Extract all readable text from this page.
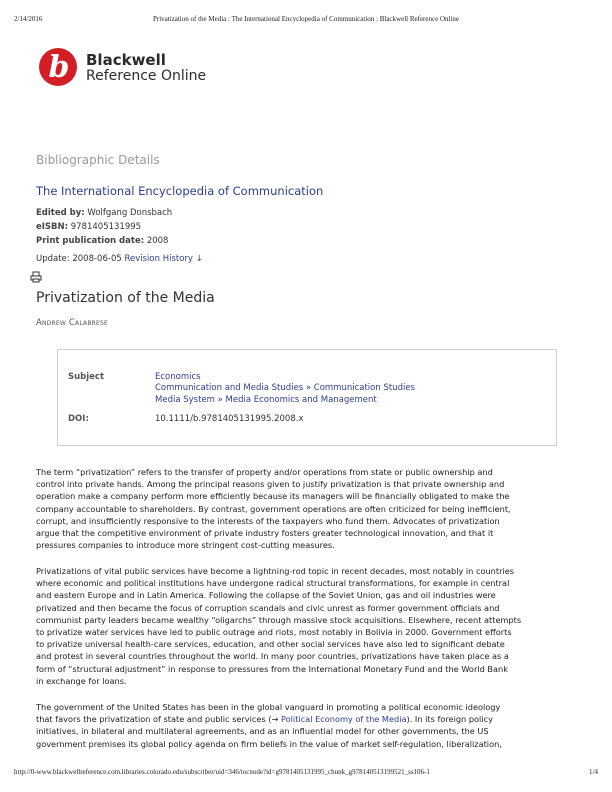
2/14/2016	Privatization of the Media : The International Encyclopedia of Communication : Blackwell Reference Online
b Blackwell
Reference Online
Bibliographic Details
The International Encyclopedia of Communication
Edited by: Wolfgang Donsbach
eISBN: 9781405131995
Print publication date: 2008
Update: 2008-06-05 Revision History ↓
Privatization of the Media
Andrew Calabrese
Subject	Economics
Communication and Media Studies » Communication Studies
Media System » Media Economics and Management
DOI:	10.1111/b.9781405131995.2008.x

The term “privatization” refers to the transfer of property and/or operations from state or public ownership and
control into private hands. Among the principal reasons given to justify privatization is that private ownership and
operation make a company perform more efficiently because its managers will be financially obligated to make the
company accountable to shareholders. By contrast, government operations are often criticized for being inefficient,
corrupt, and insufficiently responsive to the interests of the taxpayers who fund them. Advocates of privatization
argue that the competitive environment of private industry fosters greater technological innovation, and that it
pressures companies to introduce more stringent cost-cutting measures.

Privatizations of vital public services have become a lightning-rod topic in recent decades, most notably in countries
where economic and political institutions have undergone radical structural transformations, for example in central
and eastern Europe and in Latin America. Following the collapse of the Soviet Union, gas and oil industries were
privatized and then became the focus of corruption scandals and civic unrest as former government officials and
communist party leaders became wealthy “oligarchs” through massive stock acquisitions. Elsewhere, recent attempts
to privatize water services have led to public outrage and riots, most notably in Bolivia in 2000. Government efforts
to privatize universal health-care services, education, and other social services have also led to significant debate
and protest in several countries throughout the world. In many poor countries, privatizations have taken place as a
form of “structural adjustment” in response to pressures from the International Monetary Fund and the World Bank
in exchange for loans.

The government of the United States has been in the global vanguard in promoting a political economic ideology
that favors the privatization of state and public services (→ Political Economy of the Media). In its foreign policy
initiatives, in bilateral and multilateral agreements, and as an influential model for other governments, the US
government premises its global policy agenda on firm beliefs in the value of market self-regulation, liberalization,

http://0-www.blackwellreference.com.libraries.colorado.edu/subscriber/uid=346/tocnode?id=g9781405131995_chunk_g978140513199521_ss106-1	1/4
